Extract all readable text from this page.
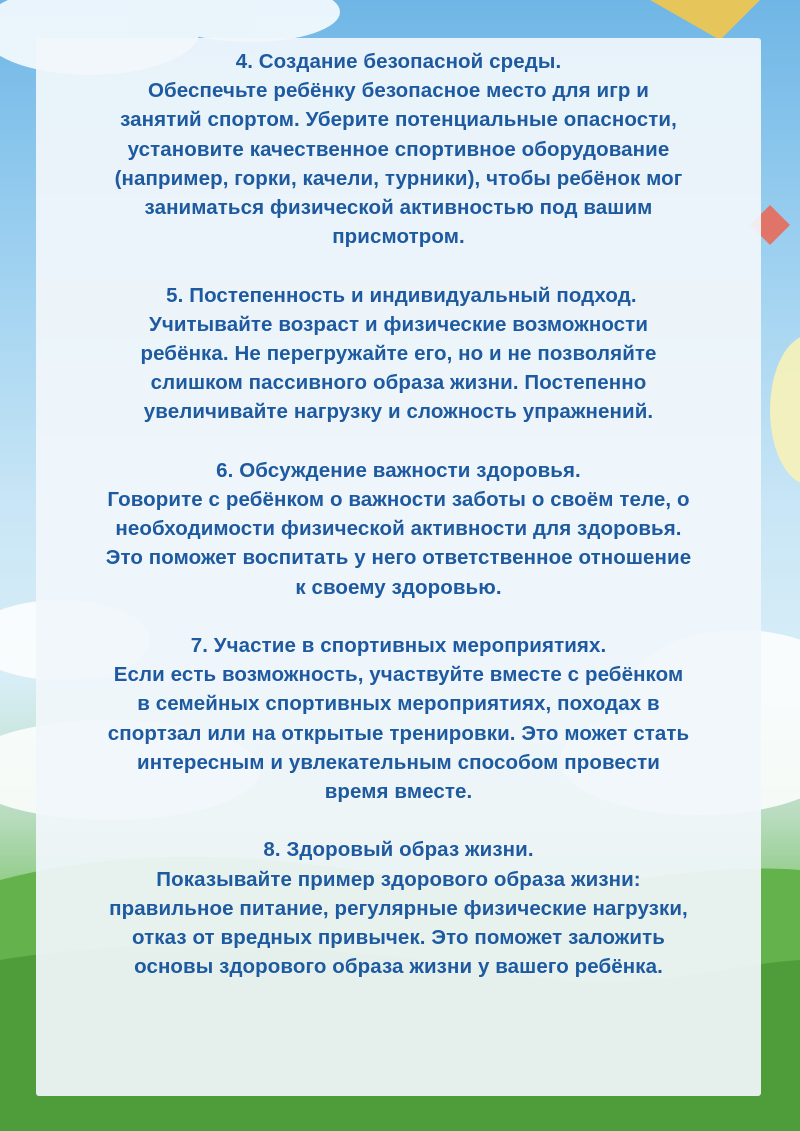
4. Создание безопасной среды.
Обеспечьте ребёнку безопасное место для игр и
занятий спортом. Уберите потенциальные опасности,
установите качественное спортивное оборудование
(например, горки, качели, турники), чтобы ребёнок мог
заниматься физической активностью под вашим
присмотром.
5. Постепенность и индивидуальный подход.
Учитывайте возраст и физические возможности
ребёнка. Не перегружайте его, но и не позволяйте
слишком пассивного образа жизни. Постепенно
увеличивайте нагрузку и сложность упражнений.
6. Обсуждение важности здоровья.
Говорите с ребёнком о важности заботы о своём теле, о
необходимости физической активности для здоровья.
Это поможет воспитать у него ответственное отношение
к своему здоровью.
7. Участие в спортивных мероприятиях.
Если есть возможность, участвуйте вместе с ребёнком
в семейных спортивных мероприятиях, походах в
спортзал или на открытые тренировки. Это может стать
интересным и увлекательным способом провести
время вместе.
8. Здоровый образ жизни.
Показывайте пример здорового образа жизни:
правильное питание, регулярные физические нагрузки,
отказ от вредных привычек. Это поможет заложить
основы здорового образа жизни у вашего ребёнка.
